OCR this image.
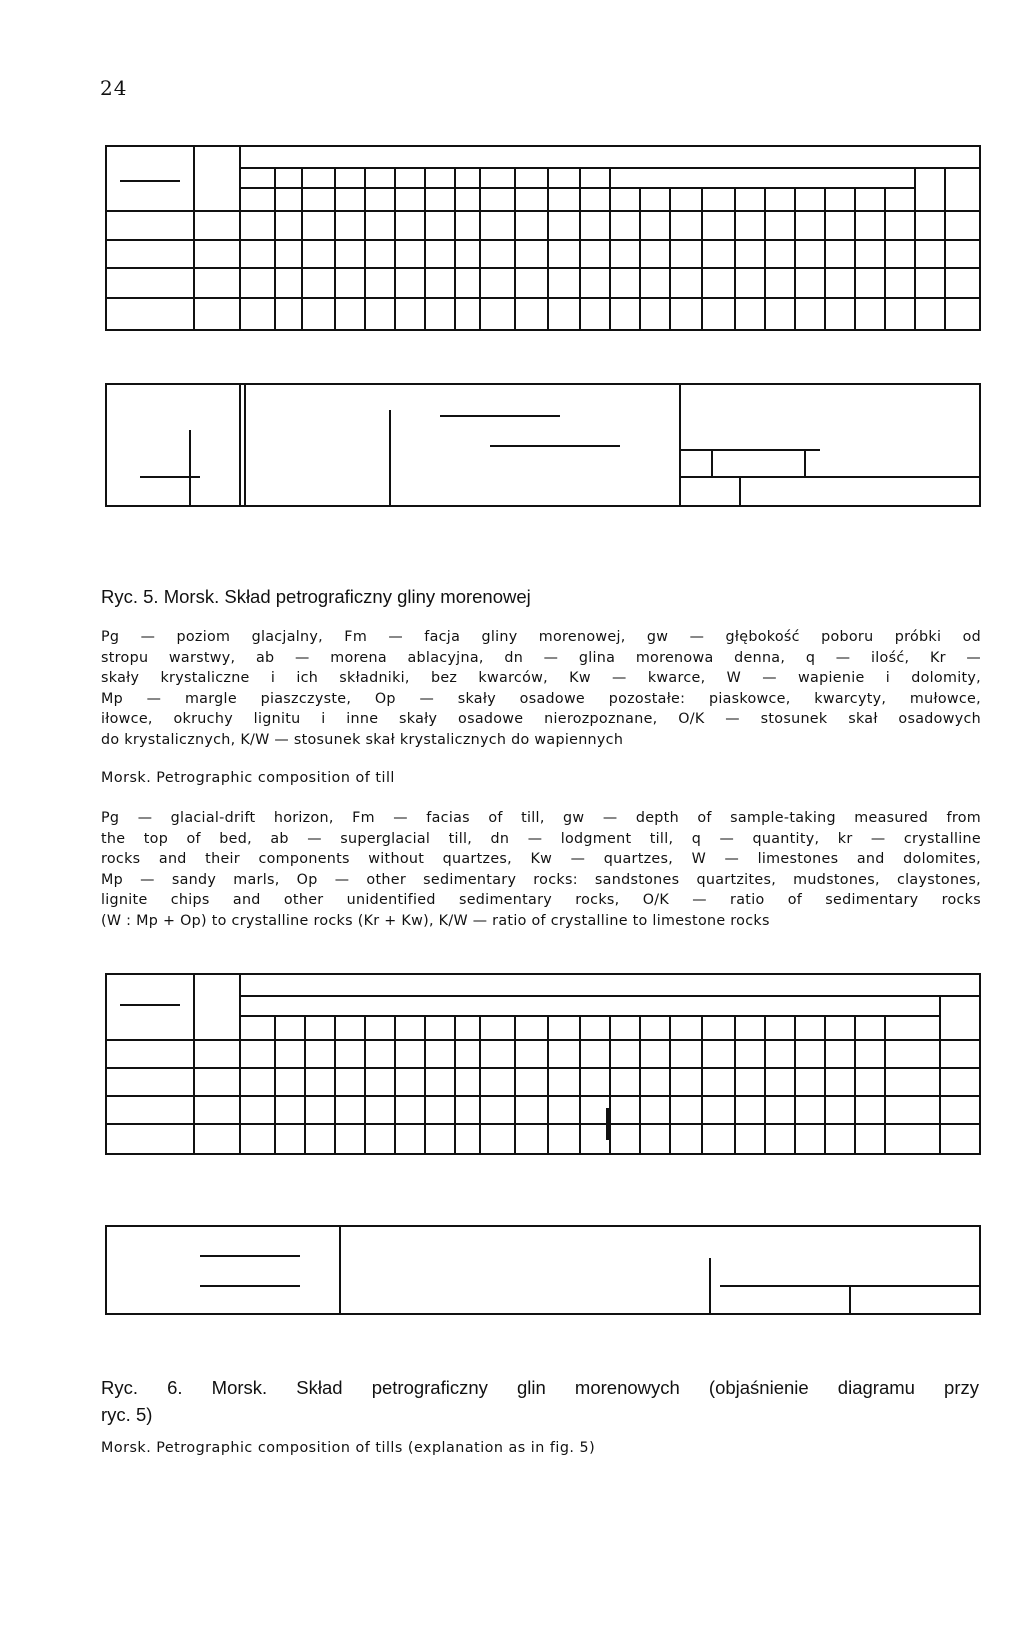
24
Ryc. 5. Morsk. Skład petrograficzny gliny morenowej
Pg — poziom glacjalny, Fm — facja gliny morenowej, gw — głębokość poboru próbki od
stropu warstwy, ab — morena ablacyjna, dn — glina morenowa denna, q — ilość, Kr —
skały krystaliczne i ich składniki, bez kwarców, Kw — kwarce, W — wapienie i dolomity,
Mp — margle piaszczyste, Op — skały osadowe pozostałe: piaskowce, kwarcyty, mułowce,
iłowce, okruchy lignitu i inne skały osadowe nierozpoznane, O/K — stosunek skał osadowych
do krystalicznych, K/W — stosunek skał krystalicznych do wapiennych
Morsk. Petrographic composition of till
Pg — glacial-drift horizon, Fm — facias of till, gw — depth of sample-taking measured from
the top of bed, ab — superglacial till, dn — lodgment till, q — quantity, kr — crystalline
rocks and their components without quartzes, Kw — quartzes, W — limestones and dolomites,
Mp — sandy marls, Op — other sedimentary rocks: sandstones quartzites, mudstones, claystones,
lignite chips and other unidentified sedimentary rocks, O/K — ratio of sedimentary rocks
(W : Mp + Op) to crystalline rocks (Kr + Kw), K/W — ratio of crystalline to limestone rocks
Ryc. 6. Morsk. Skład petrograficzny glin morenowych (objaśnienie diagramu przy
ryc. 5)
Morsk. Petrographic composition of tills (explanation as in fig. 5)
